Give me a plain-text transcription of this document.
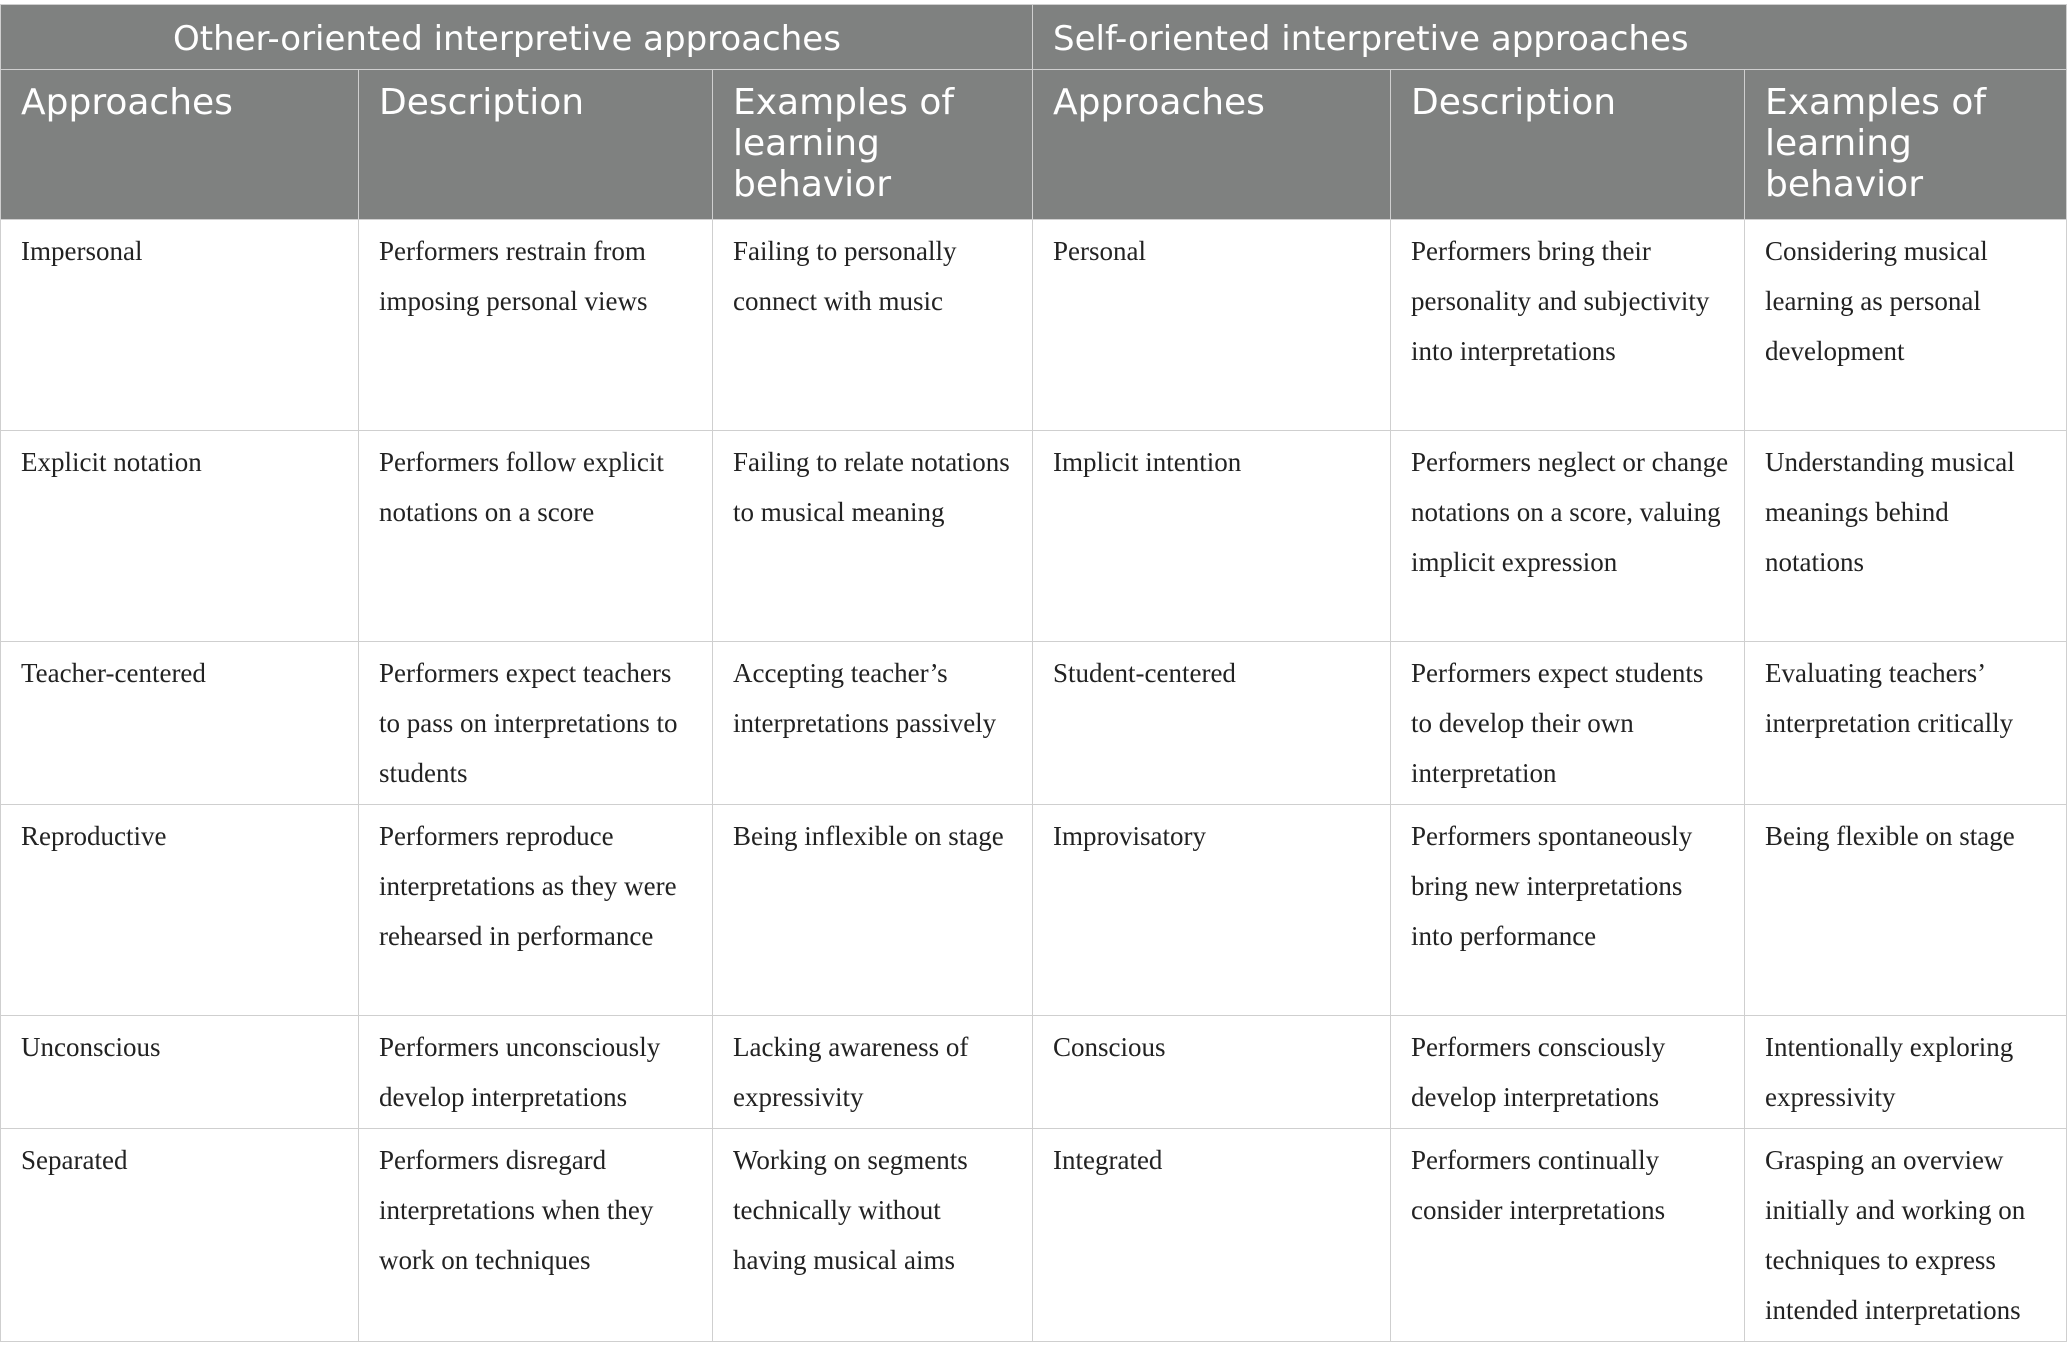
Other-oriented interpretive approaches			Self-oriented interpretive approaches		
Approaches	Description	Examples of learning behavior	Approaches	Description	Examples of learning behavior
Impersonal	Performers restrain from imposing personal views	Failing to personally connect with music	Personal	Performers bring their personality and subjectivity into interpretations	Considering musical learning as personal development
Explicit notation	Performers follow explicit notations on a score	Failing to relate notations to musical meaning	Implicit intention	Performers neglect or change notations on a score, valuing implicit expression	Understanding musical meanings behind notations
Teacher-centered	Performers expect teachers to pass on interpretations to students	Accepting teacher’s interpretations passively	Student-centered	Performers expect students to develop their own interpretation	Evaluating teachers’ interpretation critically
Reproductive	Performers reproduce interpretations as they were rehearsed in performance	Being inflexible on stage	Improvisatory	Performers spontaneously bring new interpretations into performance	Being flexible on stage
Unconscious	Performers unconsciously develop interpretations	Lacking awareness of expressivity	Conscious	Performers consciously develop interpretations	Intentionally exploring expressivity
Separated	Performers disregard interpretations when they work on techniques	Working on segments technically without having musical aims	Integrated	Performers continually consider interpretations	Grasping an overview initially and working on techniques to express intended interpretations
